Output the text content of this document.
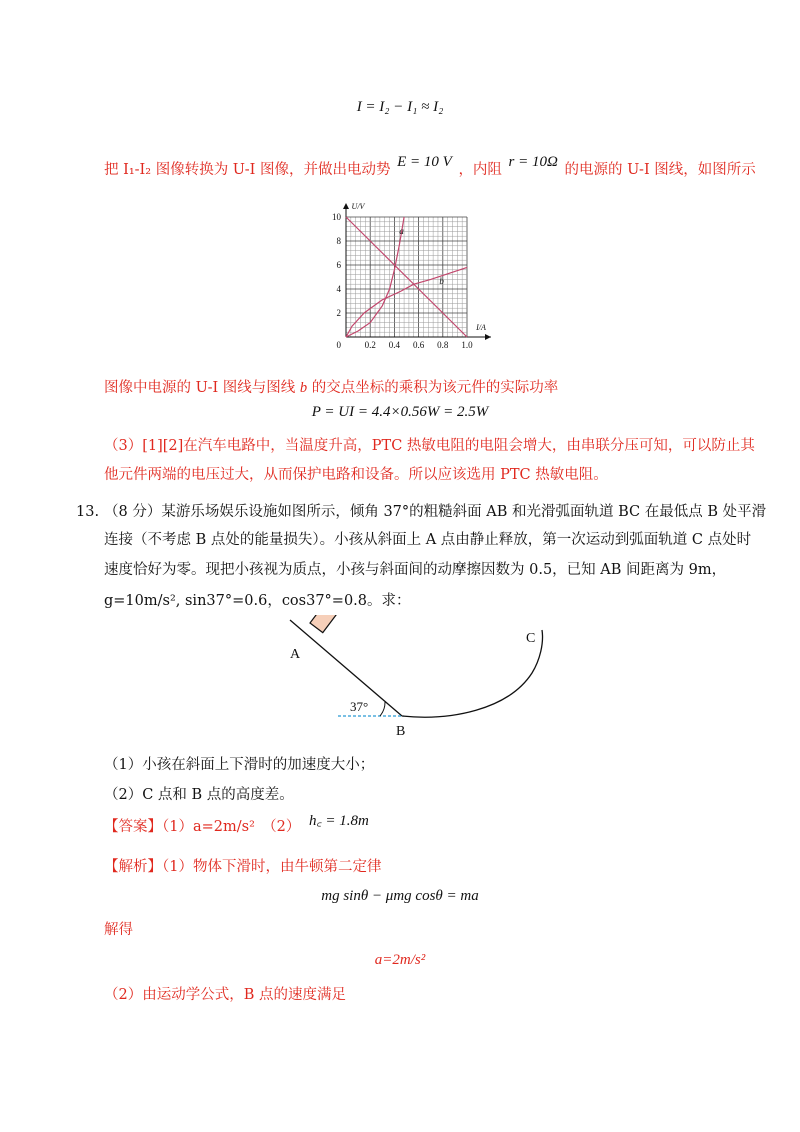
I = I₂ − I₁ ≈ I₂
把 I₁-I₂ 图像转换为 U-I 图像，并做出电动势 E = 10 V ，内阻 r = 10Ω 的电源的 U-I 图线，如图所示
0.2 0.4 0.6 0.8 1.0
2
4
6
8
10
0
I/A
U/V
a
b
图像中电源的 U-I 图线与图线 b 的交点坐标的乘积为该元件的实际功率
P = UI = 4.4×0.56W = 2.5W
（3）[1][2]在汽车电路中，当温度升高，PTC 热敏电阻的电阻会增大，由串联分压可知，可以防止其
他元件两端的电压过大，从而保护电路和设备。所以应该选用 PTC 热敏电阻。
13. （8 分）某游乐场娱乐设施如图所示，倾角 37°的粗糙斜面 AB 和光滑弧面轨道 BC 在最低点 B 处平滑
连接（不考虑 B 点处的能量损失）。小孩从斜面上 A 点由静止释放，第一次运动到弧面轨道 C 点处时
速度恰好为零。现把小孩视为质点，小孩与斜面间的动摩擦因数为 0.5，已知 AB 间距离为 9m，
g=10m/s², sin37°=0.6，cos37°=0.8。求：
A
B
C
37°
（1）小孩在斜面上下滑时的加速度大小；
（2）C 点和 B 点的高度差。
【答案】（1）a=2m/s²　（2） h꜀ = 1.8m
【解析】（1）物体下滑时，由牛顿第二定律
mg sinθ − μmg cosθ = ma
解得
a=2m/s²
（2）由运动学公式，B 点的速度满足
